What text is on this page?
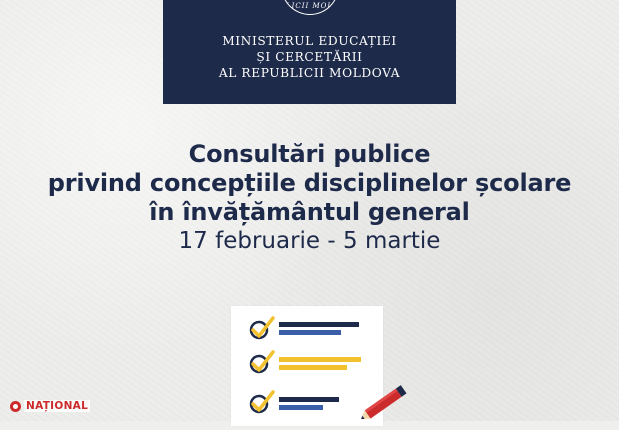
LICII MOL
MINISTERUL EDUCAȚIEI
ȘI CERCETĂRII
AL REPUBLICII MOLDOVA
Consultări publice
privind concepțiile disciplinelor școlare
în învățământul general
17 februarie - 5 martie
NAȚIONAL
